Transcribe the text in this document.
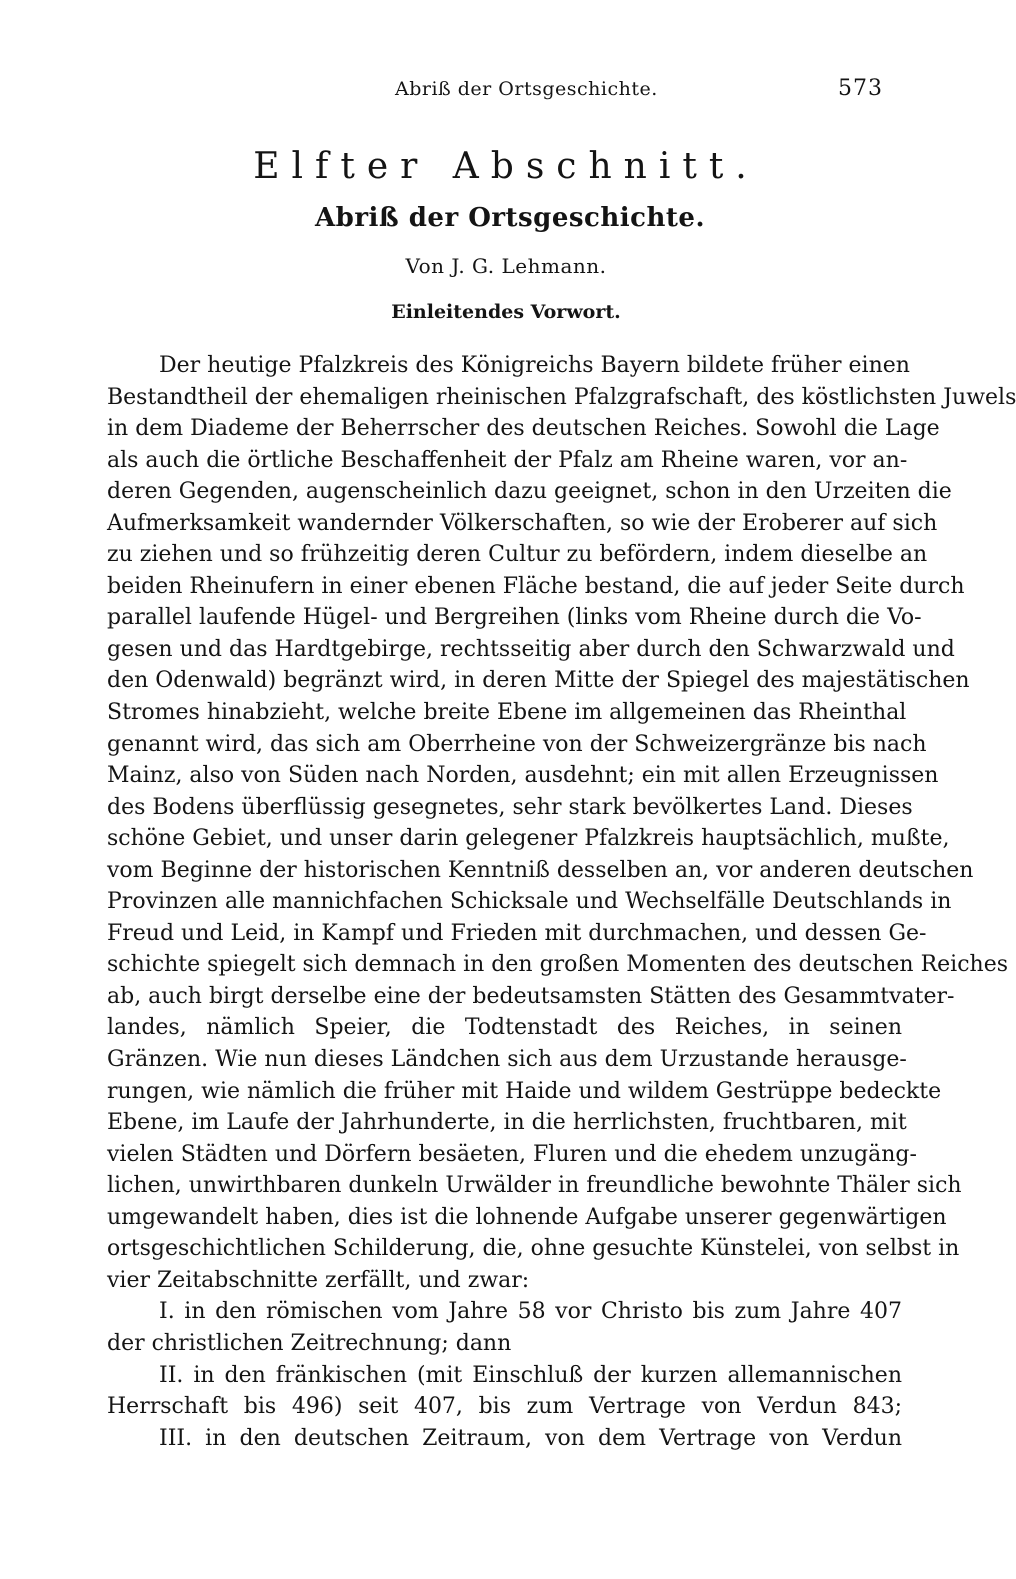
Abriß der Ortsgeschichte.	573
Elfter Abschnitt.
Abriß der Ortsgeschichte.
Von J. G. Lehmann.
Einleitendes Vorwort.
Der heutige Pfalzkreis des Königreichs Bayern bildete früher einen
Bestandtheil der ehemaligen rheinischen Pfalzgrafschaft, des köstlichsten Juwels
in dem Diademe der Beherrscher des deutschen Reiches. Sowohl die Lage
als auch die örtliche Beschaffenheit der Pfalz am Rheine waren, vor an-
deren Gegenden, augenscheinlich dazu geeignet, schon in den Urzeiten die
Aufmerksamkeit wandernder Völkerschaften, so wie der Eroberer auf sich
zu ziehen und so frühzeitig deren Cultur zu befördern, indem dieselbe an
beiden Rheinufern in einer ebenen Fläche bestand, die auf jeder Seite durch
parallel laufende Hügel- und Bergreihen (links vom Rheine durch die Vo-
gesen und das Hardtgebirge, rechtsseitig aber durch den Schwarzwald und
den Odenwald) begränzt wird, in deren Mitte der Spiegel des majestätischen
Stromes hinabzieht, welche breite Ebene im allgemeinen das Rheinthal
genannt wird, das sich am Oberrheine von der Schweizergränze bis nach
Mainz, also von Süden nach Norden, ausdehnt; ein mit allen Erzeugnissen
des Bodens überflüssig gesegnetes, sehr stark bevölkertes Land. Dieses
schöne Gebiet, und unser darin gelegener Pfalzkreis hauptsächlich, mußte,
vom Beginne der historischen Kenntniß desselben an, vor anderen deutschen
Provinzen alle mannichfachen Schicksale und Wechselfälle Deutschlands in
Freud und Leid, in Kampf und Frieden mit durchmachen, und dessen Ge-
schichte spiegelt sich demnach in den großen Momenten des deutschen Reiches
ab, auch birgt derselbe eine der bedeutsamsten Stätten des Gesammtvater-
landes, nämlich Speier, die Todtenstadt des Reiches, in seinen
Gränzen. Wie nun dieses Ländchen sich aus dem Urzustande herausge-
rungen, wie nämlich die früher mit Haide und wildem Gestrüppe bedeckte
Ebene, im Laufe der Jahrhunderte, in die herrlichsten, fruchtbaren, mit
vielen Städten und Dörfern besäeten, Fluren und die ehedem unzugäng-
lichen, unwirthbaren dunkeln Urwälder in freundliche bewohnte Thäler sich
umgewandelt haben, dies ist die lohnende Aufgabe unserer gegenwärtigen
ortsgeschichtlichen Schilderung, die, ohne gesuchte Künstelei, von selbst in
vier Zeitabschnitte zerfällt, und zwar:
I. in den römischen vom Jahre 58 vor Christo bis zum Jahre 407
der christlichen Zeitrechnung; dann
II. in den fränkischen (mit Einschluß der kurzen allemannischen
Herrschaft bis 496) seit 407, bis zum Vertrage von Verdun 843;
III. in den deutschen Zeitraum, von dem Vertrage von Verdun
